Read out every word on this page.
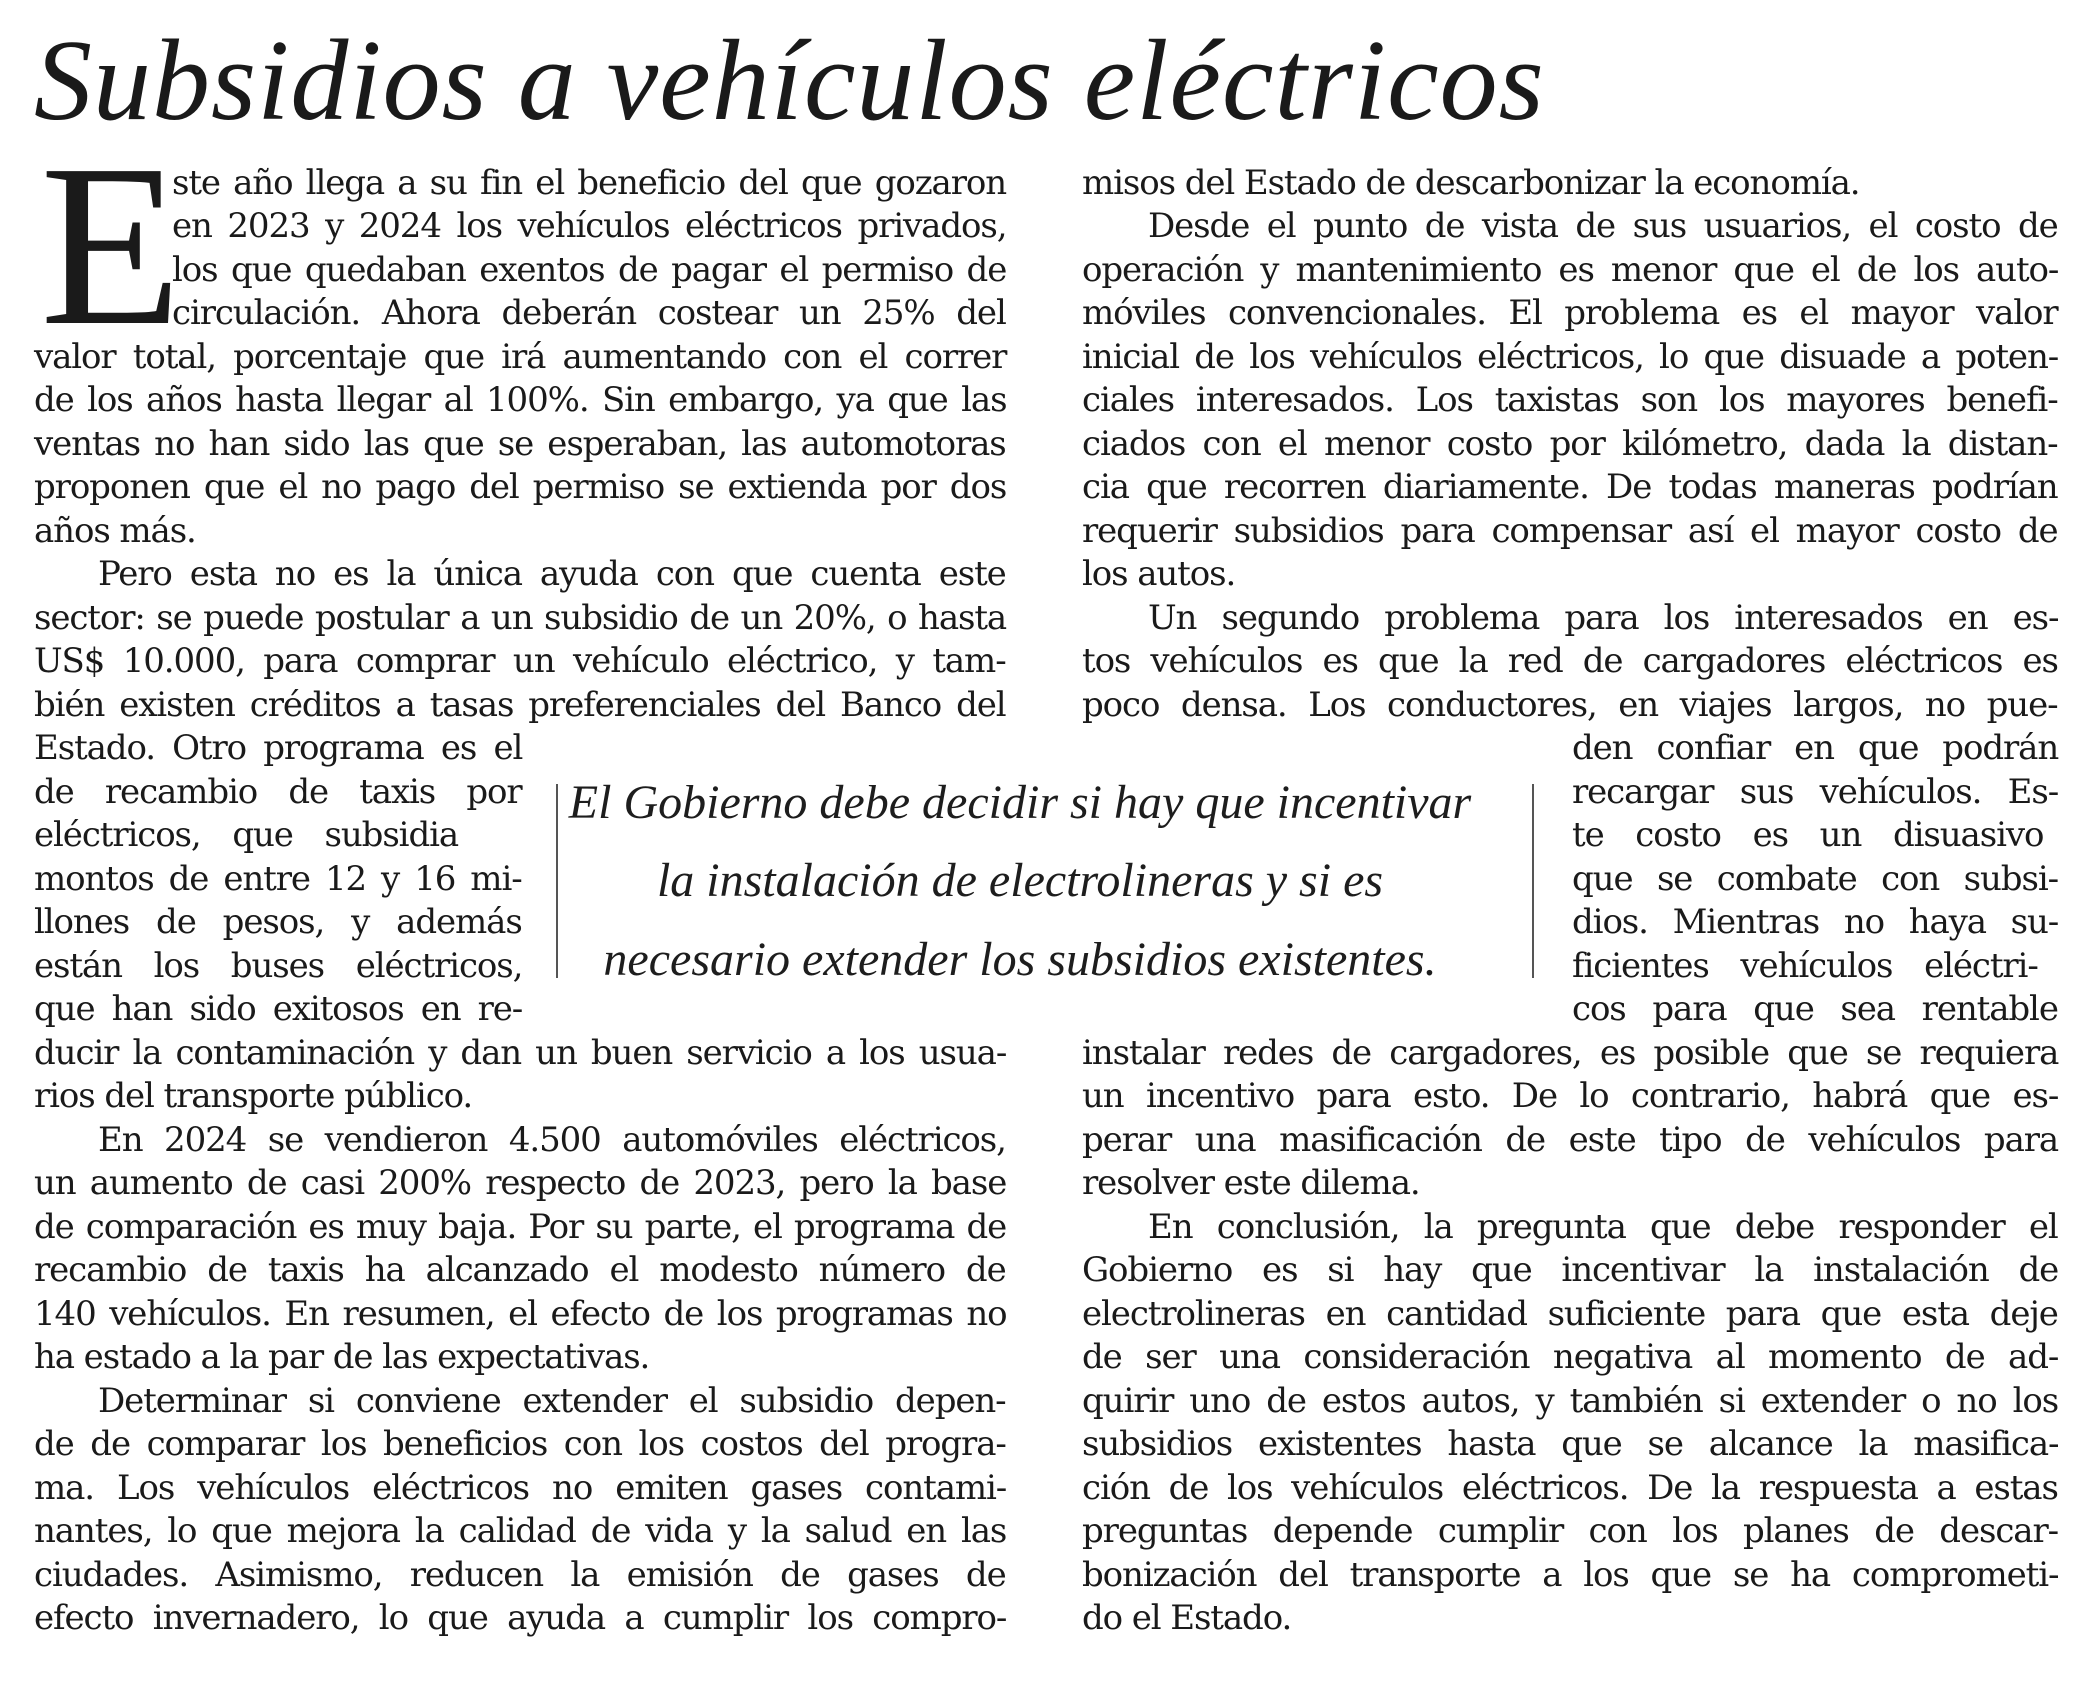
Subsidios a vehículos eléctricos
E
ste año llega a su fin el beneficio del que gozaron
en 2023 y 2024 los vehículos eléctricos privados,
los que quedaban exentos de pagar el permiso de
circulación. Ahora deberán costear un 25% del
valor total, porcentaje que irá aumentando con el correr
de los años hasta llegar al 100%. Sin embargo, ya que las
ventas no han sido las que se esperaban, las automotoras
proponen que el no pago del permiso se extienda por dos
años más.
Pero esta no es la única ayuda con que cuenta este
sector: se puede postular a un subsidio de un 20%, o hasta
US$ 10.000, para comprar un vehículo eléctrico, y tam-
bién existen créditos a tasas preferenciales del Banco del
Estado. Otro programa es el
de recambio de taxis por
eléctricos, que subsidia
montos de entre 12 y 16 mi-
llones de pesos, y además
están los buses eléctricos,
que han sido exitosos en re-
ducir la contaminación y dan un buen servicio a los usua-
rios del transporte público.
En 2024 se vendieron 4.500 automóviles eléctricos,
un aumento de casi 200% respecto de 2023, pero la base
de comparación es muy baja. Por su parte, el programa de
recambio de taxis ha alcanzado el modesto número de
140 vehículos. En resumen, el efecto de los programas no
ha estado a la par de las expectativas.
Determinar si conviene extender el subsidio depen-
de de comparar los beneficios con los costos del progra-
ma. Los vehículos eléctricos no emiten gases contami-
nantes, lo que mejora la calidad de vida y la salud en las
ciudades. Asimismo, reducen la emisión de gases de
efecto invernadero, lo que ayuda a cumplir los compro-
misos del Estado de descarbonizar la economía.
Desde el punto de vista de sus usuarios, el costo de
operación y mantenimiento es menor que el de los auto-
móviles convencionales. El problema es el mayor valor
inicial de los vehículos eléctricos, lo que disuade a poten-
ciales interesados. Los taxistas son los mayores benefi-
ciados con el menor costo por kilómetro, dada la distan-
cia que recorren diariamente. De todas maneras podrían
requerir subsidios para compensar así el mayor costo de
los autos.
Un segundo problema para los interesados en es-
tos vehículos es que la red de cargadores eléctricos es
poco densa. Los conductores, en viajes largos, no pue-
den confiar en que podrán
recargar sus vehículos. Es-
te costo es un disuasivo
que se combate con subsi-
dios. Mientras no haya su-
ficientes vehículos eléctri-
cos para que sea rentable
instalar redes de cargadores, es posible que se requiera
un incentivo para esto. De lo contrario, habrá que es-
perar una masificación de este tipo de vehículos para
resolver este dilema.
En conclusión, la pregunta que debe responder el
Gobierno es si hay que incentivar la instalación de
electrolineras en cantidad suficiente para que esta deje
de ser una consideración negativa al momento de ad-
quirir uno de estos autos, y también si extender o no los
subsidios existentes hasta que se alcance la masifica-
ción de los vehículos eléctricos. De la respuesta a estas
preguntas depende cumplir con los planes de descar-
bonización del transporte a los que se ha comprometi-
do el Estado.
El Gobierno debe decidir si hay que incentivar
la instalación de electrolineras y si es
necesario extender los subsidios existentes.
